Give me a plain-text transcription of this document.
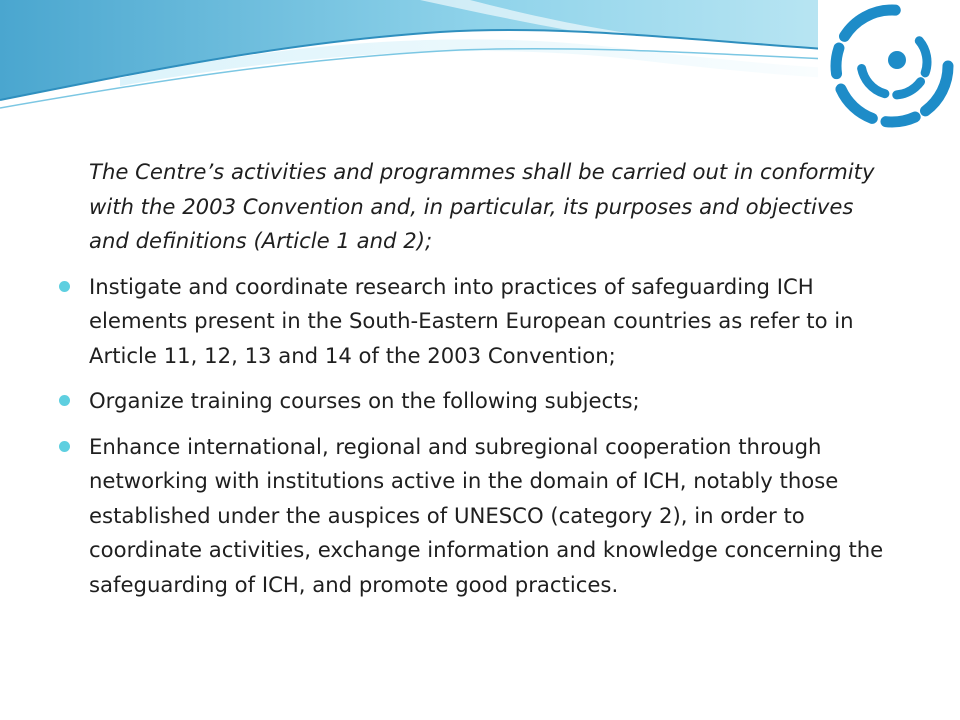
The Centre’s activities and programmes shall be carried out in conformity with the 2003 Convention and, in particular, its purposes and objectives and definitions (Article 1 and 2);

Instigate and coordinate research into practices of safeguarding ICH elements present in the South-Eastern European countries as refer to in Article 11, 12, 13 and 14 of the 2003 Convention;
Organize training courses on the following subjects;
Enhance international, regional and subregional cooperation through networking with institutions active in the domain of ICH, notably those established under the auspices of UNESCO (category 2), in order to coordinate activities, exchange information and knowledge concerning the safeguarding of ICH, and promote good practices.
